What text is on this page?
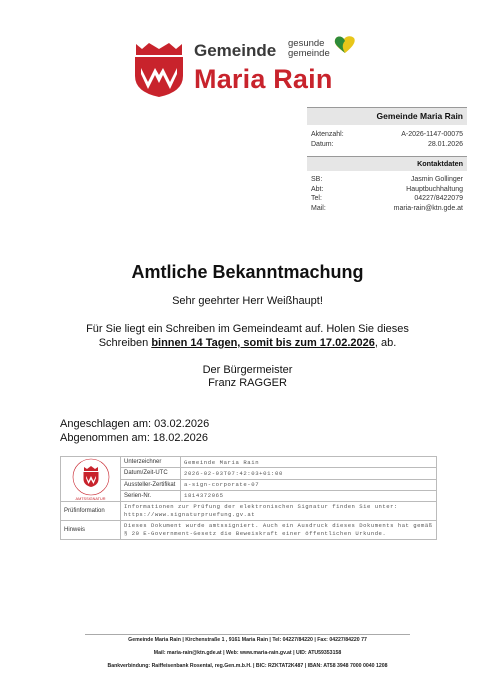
Gemeinde gesunde
gemeinde
Maria Rain
Gemeinde Maria Rain
Aktenzahl:	A-2026-1147-00075
Datum:	28.01.2026
Kontaktdaten
SB:	Jasmin Gollinger
Abt:	Hauptbuchhaltung
Tel:	04227/8422079
Mail:	maria-rain@ktn.gde.at
Amtliche Bekanntmachung
Sehr geehrter Herr Weißhaupt!
Für Sie liegt ein Schreiben im Gemeindeamt auf. Holen Sie dieses Schreiben binnen 14 Tagen, somit bis zum 17.02.2026, ab.
Der Bürgermeister
Franz RAGGER
Angeschlagen am: 03.02.2026
Abgenommen am: 18.02.2026
AMTSSIGNATUR	Unterzeichner	Gemeinde Maria Rain
	Datum/Zeit-UTC	2026-02-03T07:42:03+01:00
	Aussteller-Zertifikat	a-sign-corporate-07
	Serien-Nr.	1814372065
Prüfinformation	Informationen zur Prüfung der elektronischen Signatur finden Sie unter: https://www.signaturpruefung.gv.at	
Hinweis	Dieses Dokument wurde amtssigniert. Auch ein Ausdruck dieses Dokuments hat gemäß § 20 E-Government-Gesetz die Beweiskraft einer öffentlichen Urkunde.	
Gemeinde Maria Rain | Kirchenstraße 1 , 9161 Maria Rain | Tel: 04227/84220 | Fax: 04227/84220 77
Mail: maria-rain@ktn.gde.at | Web: www.maria-rain.gv.at | UID: ATU59353158
Bankverbindung: Raiffeisenbank Rosental, reg.Gen.m.b.H. | BIC: RZKTAT2K487 | IBAN: AT58 3948 7000 0040 1208
